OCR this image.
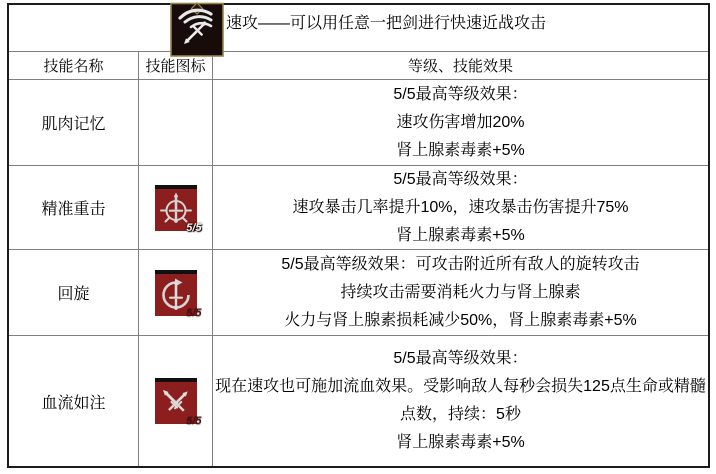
速攻——可以用任意一把剑进行快速近战攻击
技能名称	技能图标	等级、技能效果
肌肉记忆
5/5最高等级效果：
速攻伤害增加20%
肾上腺素毒素+5%
精准重击
5/5
5/5最高等级效果：
速攻暴击几率提升10%，速攻暴击伤害提升75%
肾上腺素毒素+5%
回旋
5/5
5/5最高等级效果：可攻击附近所有敌人的旋转攻击
持续攻击需要消耗火力与肾上腺素
火力与肾上腺素损耗减少50%，肾上腺素毒素+5%
血流如注
5/5
5/5最高等级效果：
现在速攻也可施加流血效果。受影响敌人每秒会损失125点生命或精髓
点数，持续：5秒
肾上腺素毒素+5%
